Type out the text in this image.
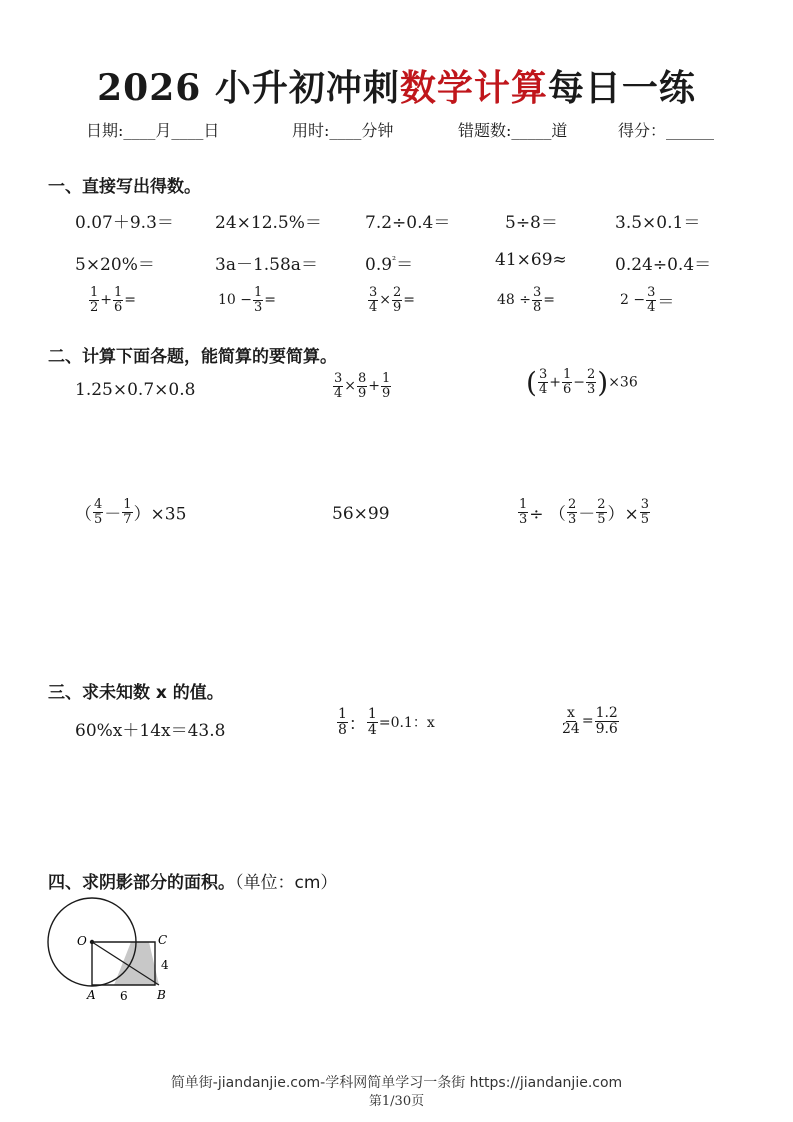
2026 小升初冲刺数学计算每日一练
日期:____月____日	用时:____分钟	错题数:_____道	得分：______
一、直接写出得数。
0.07＋9.3＝ 24×12.5%＝	7.2÷0.4＝	5÷8＝	3.5×0.1＝
5×20%＝	3a－1.58a＝	$0.9^{^2}=$	41×69≈	0.24÷0.4＝
$\frac{1}{2} + \frac{1}{6}$ =	$10 - \frac{1}{3}$ =	$\frac{3}{4} \times \frac{2}{9}$ =	$48 \div \frac{3}{8}$ =	$2 - \frac{3}{4}$ ＝
二、计算下面各题，能简算的要简算。
1.25×0.7×0.8	$\frac{3}{4} \times \frac{8}{9} + \frac{1}{9}$	( $\frac{3}{4} + \frac{1}{6} - \frac{2}{3} )\times 36$
（ $\frac{4}{5} - \frac{1}{7} )\times 35$	56×99	$\frac{1}{3}$ ÷ （ $\frac{2}{3} - \frac{2}{5}$ ）× $\frac{3}{5}$
三、求未知数 x 的值。
60%x＋14x＝43.8	$\frac{1}{8}$ ： $\frac{1}{4} =0.1$：x	$\frac{x}{24} = \frac{1.2}{9.6}$
四、求阴影部分的面积。（单位：cm）
O	C
A	B
6
4
简单街-jiandanjie.com-学科网简单学习一条街 https://jiandanjie.com
第1/30页
